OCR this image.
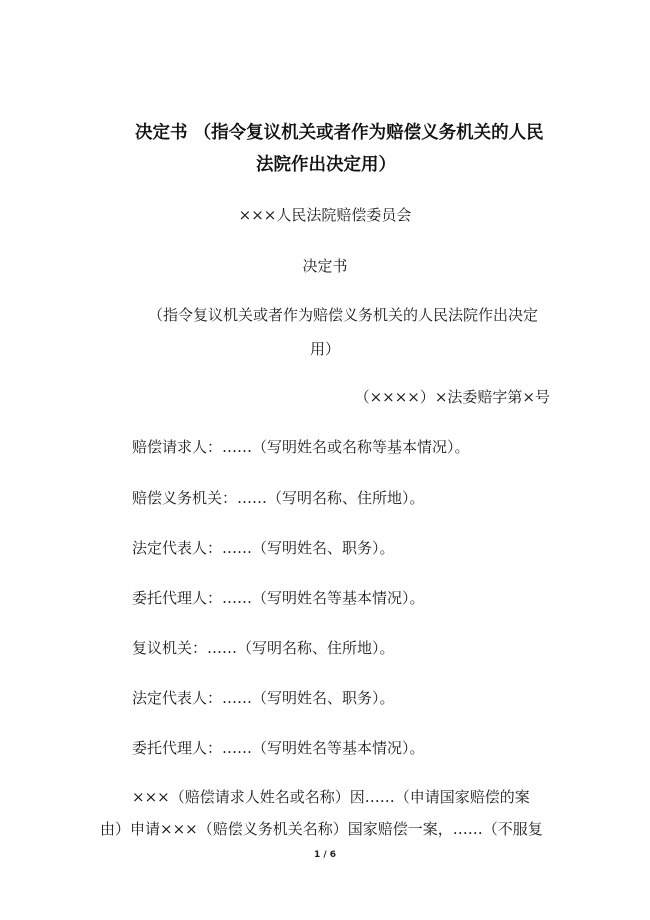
决定书 （指令复议机关或者作为赔偿义务机关的人民
法院作出决定用）
×××人民法院赔偿委员会
决定书
（指令复议机关或者作为赔偿义务机关的人民法院作出决定
用）
（××××）×法委赔字第×号
赔偿请求人：……（写明姓名或名称等基本情况）。
赔偿义务机关：……（写明名称、住所地）。
法定代表人：……（写明姓名、职务）。
委托代理人：……（写明姓名等基本情况）。
复议机关：……（写明名称、住所地）。
法定代表人：……（写明姓名、职务）。
委托代理人：……（写明姓名等基本情况）。
×××（赔偿请求人姓名或名称）因……（申请国家赔偿的案
由）申请×××（赔偿义务机关名称）国家赔偿一案，……（不服复
1 / 6
